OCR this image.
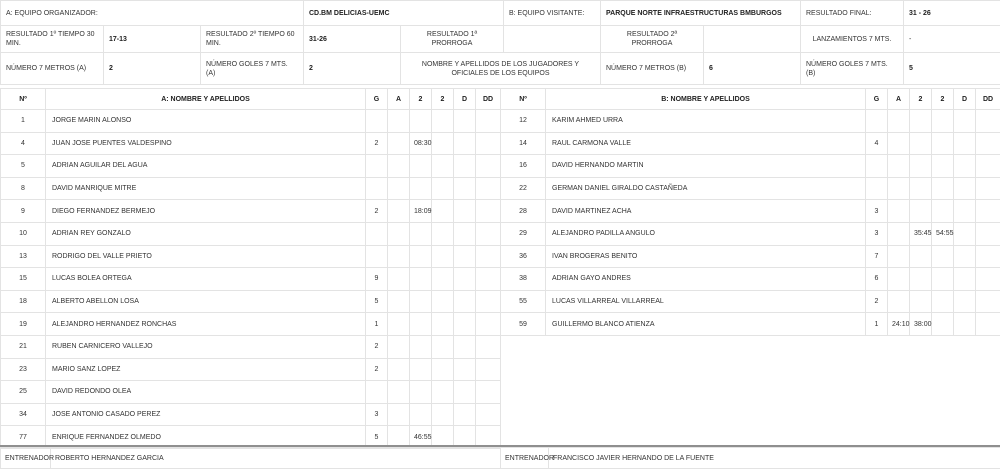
A: EQUIPO ORGANIZADOR:			CD.BM DELICIAS-UEMC		B: EQUIPO VISITANTE:	PARQUE NORTE INFRAESTRUCTURAS BMBURGOS		RESULTADO FINAL:	31 - 26
RESULTADO 1º TIEMPO 30 MIN.	17-13	RESULTADO 2º TIEMPO 60 MIN.	31-26	RESULTADO 1ª PRORROGA		RESULTADO 2ª PRORROGA		LANZAMIENTOS 7 MTS.	-
NÚMERO 7 METROS (A)	2	NÚMERO GOLES 7 MTS. (A)	2	NOMBRE Y APELLIDOS DE LOS JUGADORES Y OFICIALES DE LOS EQUIPOS		NÚMERO 7 METROS (B)	6	NÚMERO GOLES 7 MTS. (B)	5
Nº	A: NOMBRE Y APELLIDOS	G	A	2	2	D	DD
1	JORGE MARIN ALONSO						
4	JUAN JOSE PUENTES VALDESPINO	2		08:30			
5	ADRIAN AGUILAR DEL AGUA						
8	DAVID MANRIQUE MITRE						
9	DIEGO FERNANDEZ BERMEJO	2		18:09			
10	ADRIAN REY GONZALO						
13	RODRIGO DEL VALLE PRIETO						
15	LUCAS BOLEA ORTEGA	9					
18	ALBERTO ABELLON LOSA	5					
19	ALEJANDRO HERNANDEZ RONCHAS	1					
21	RUBEN CARNICERO VALLEJO	2					
23	MARIO SANZ LOPEZ	2					
25	DAVID REDONDO OLEA						
34	JOSE ANTONIO CASADO PEREZ	3					
77	ENRIQUE FERNANDEZ OLMEDO	5		46:55			
Nº	B: NOMBRE Y APELLIDOS	G	A	2	2	D	DD
12	KARIM AHMED URRA						
14	RAUL CARMONA VALLE	4					
16	DAVID HERNANDO MARTIN						
22	GERMAN DANIEL GIRALDO CASTAÑEDA						
28	DAVID MARTINEZ ACHA	3					
29	ALEJANDRO PADILLA ANGULO	3		35:45	54:55		
36	IVAN BROGERAS BENITO	7					
38	ADRIAN GAYO ANDRES	6					
55	LUCAS VILLARREAL VILLARREAL	2					
59	GUILLERMO BLANCO ATIENZA	1	24:10	38:00			
ENTRENADOR	ROBERTO HERNANDEZ GARCIA	ENTRENADOR	FRANCISCO JAVIER HERNANDO DE LA FUENTE
